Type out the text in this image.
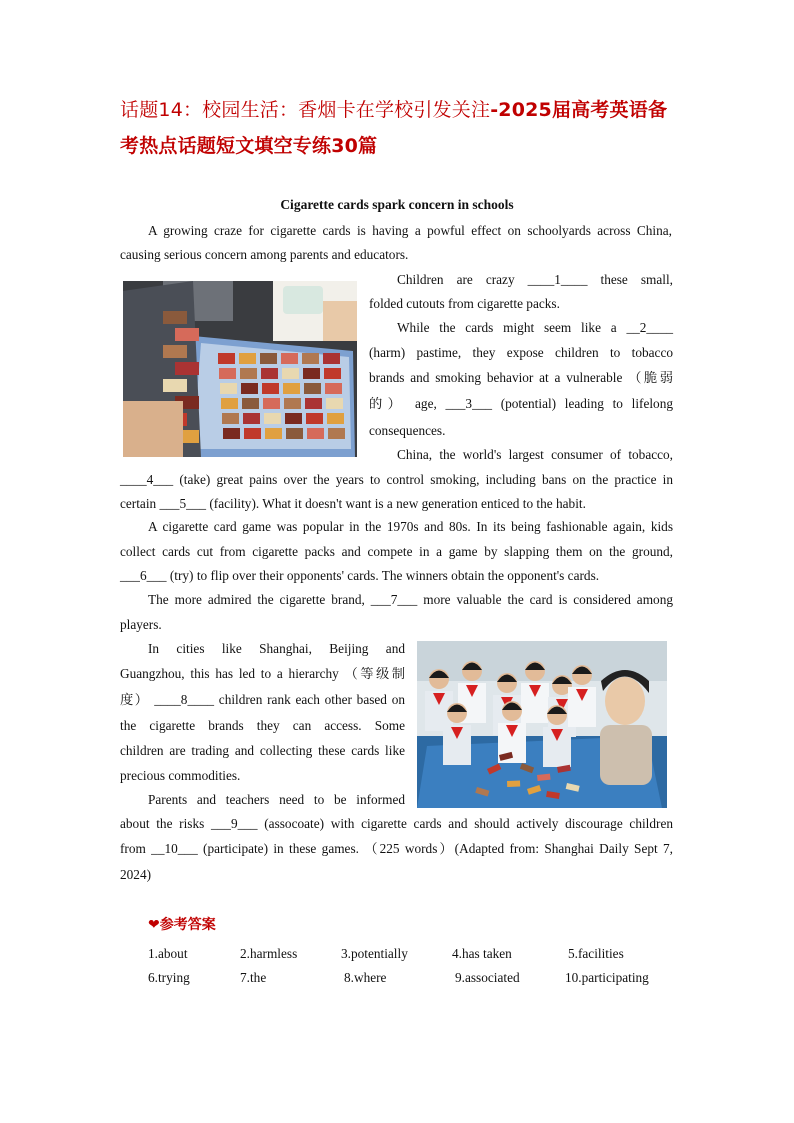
话题14：校园生活：香烟卡在学校引发关注-2025届高考英语备
考热点话题短文填空专练30篇
Cigarette cards spark concern in schools
A growing craze for cigarette cards is having a powful effect on schoolyards across China,
causing serious concern among parents and educators.
Children are crazy ____1____ these small,
folded cutouts from cigarette packs.
While the cards might seem like a __2____
(harm) pastime, they expose children to tobacco
brands and smoking behavior at a vulnerable （脆弱
的） age, ___3___ (potential) leading to lifelong
consequences.
China, the world's largest consumer of tobacco,
____4___ (take) great pains over the years to control smoking, including bans on the practice in
certain ___5___ (facility). What it doesn't want is a new generation enticed to the habit.
A cigarette card game was popular in the 1970s and 80s. In its being fashionable again, kids
collect cards cut from cigarette packs and compete in a game by slapping them on the ground,
___6___ (try) to flip over their opponents' cards. The winners obtain the opponent's cards.
The more admired the cigarette brand, ___7___ more valuable the card is considered among
players.
In cities like Shanghai, Beijing and
Guangzhou, this has led to a hierarchy （等级制
度） ____8____ children rank each other based on
the cigarette brands they can access. Some
children are trading and collecting these cards like
precious commodities.
Parents and teachers need to be informed
about the risks ___9___ (assocoate) with cigarette cards and should actively discourage children
from __10___ (participate) in these games. （225 words）(Adapted from: Shanghai Daily Sept 7,
2024)
❤参考答案
1.about	2.harmless	3.potentially	4.has taken	5.facilities
6.trying	7.the	8.where	9.associated	10.participating
